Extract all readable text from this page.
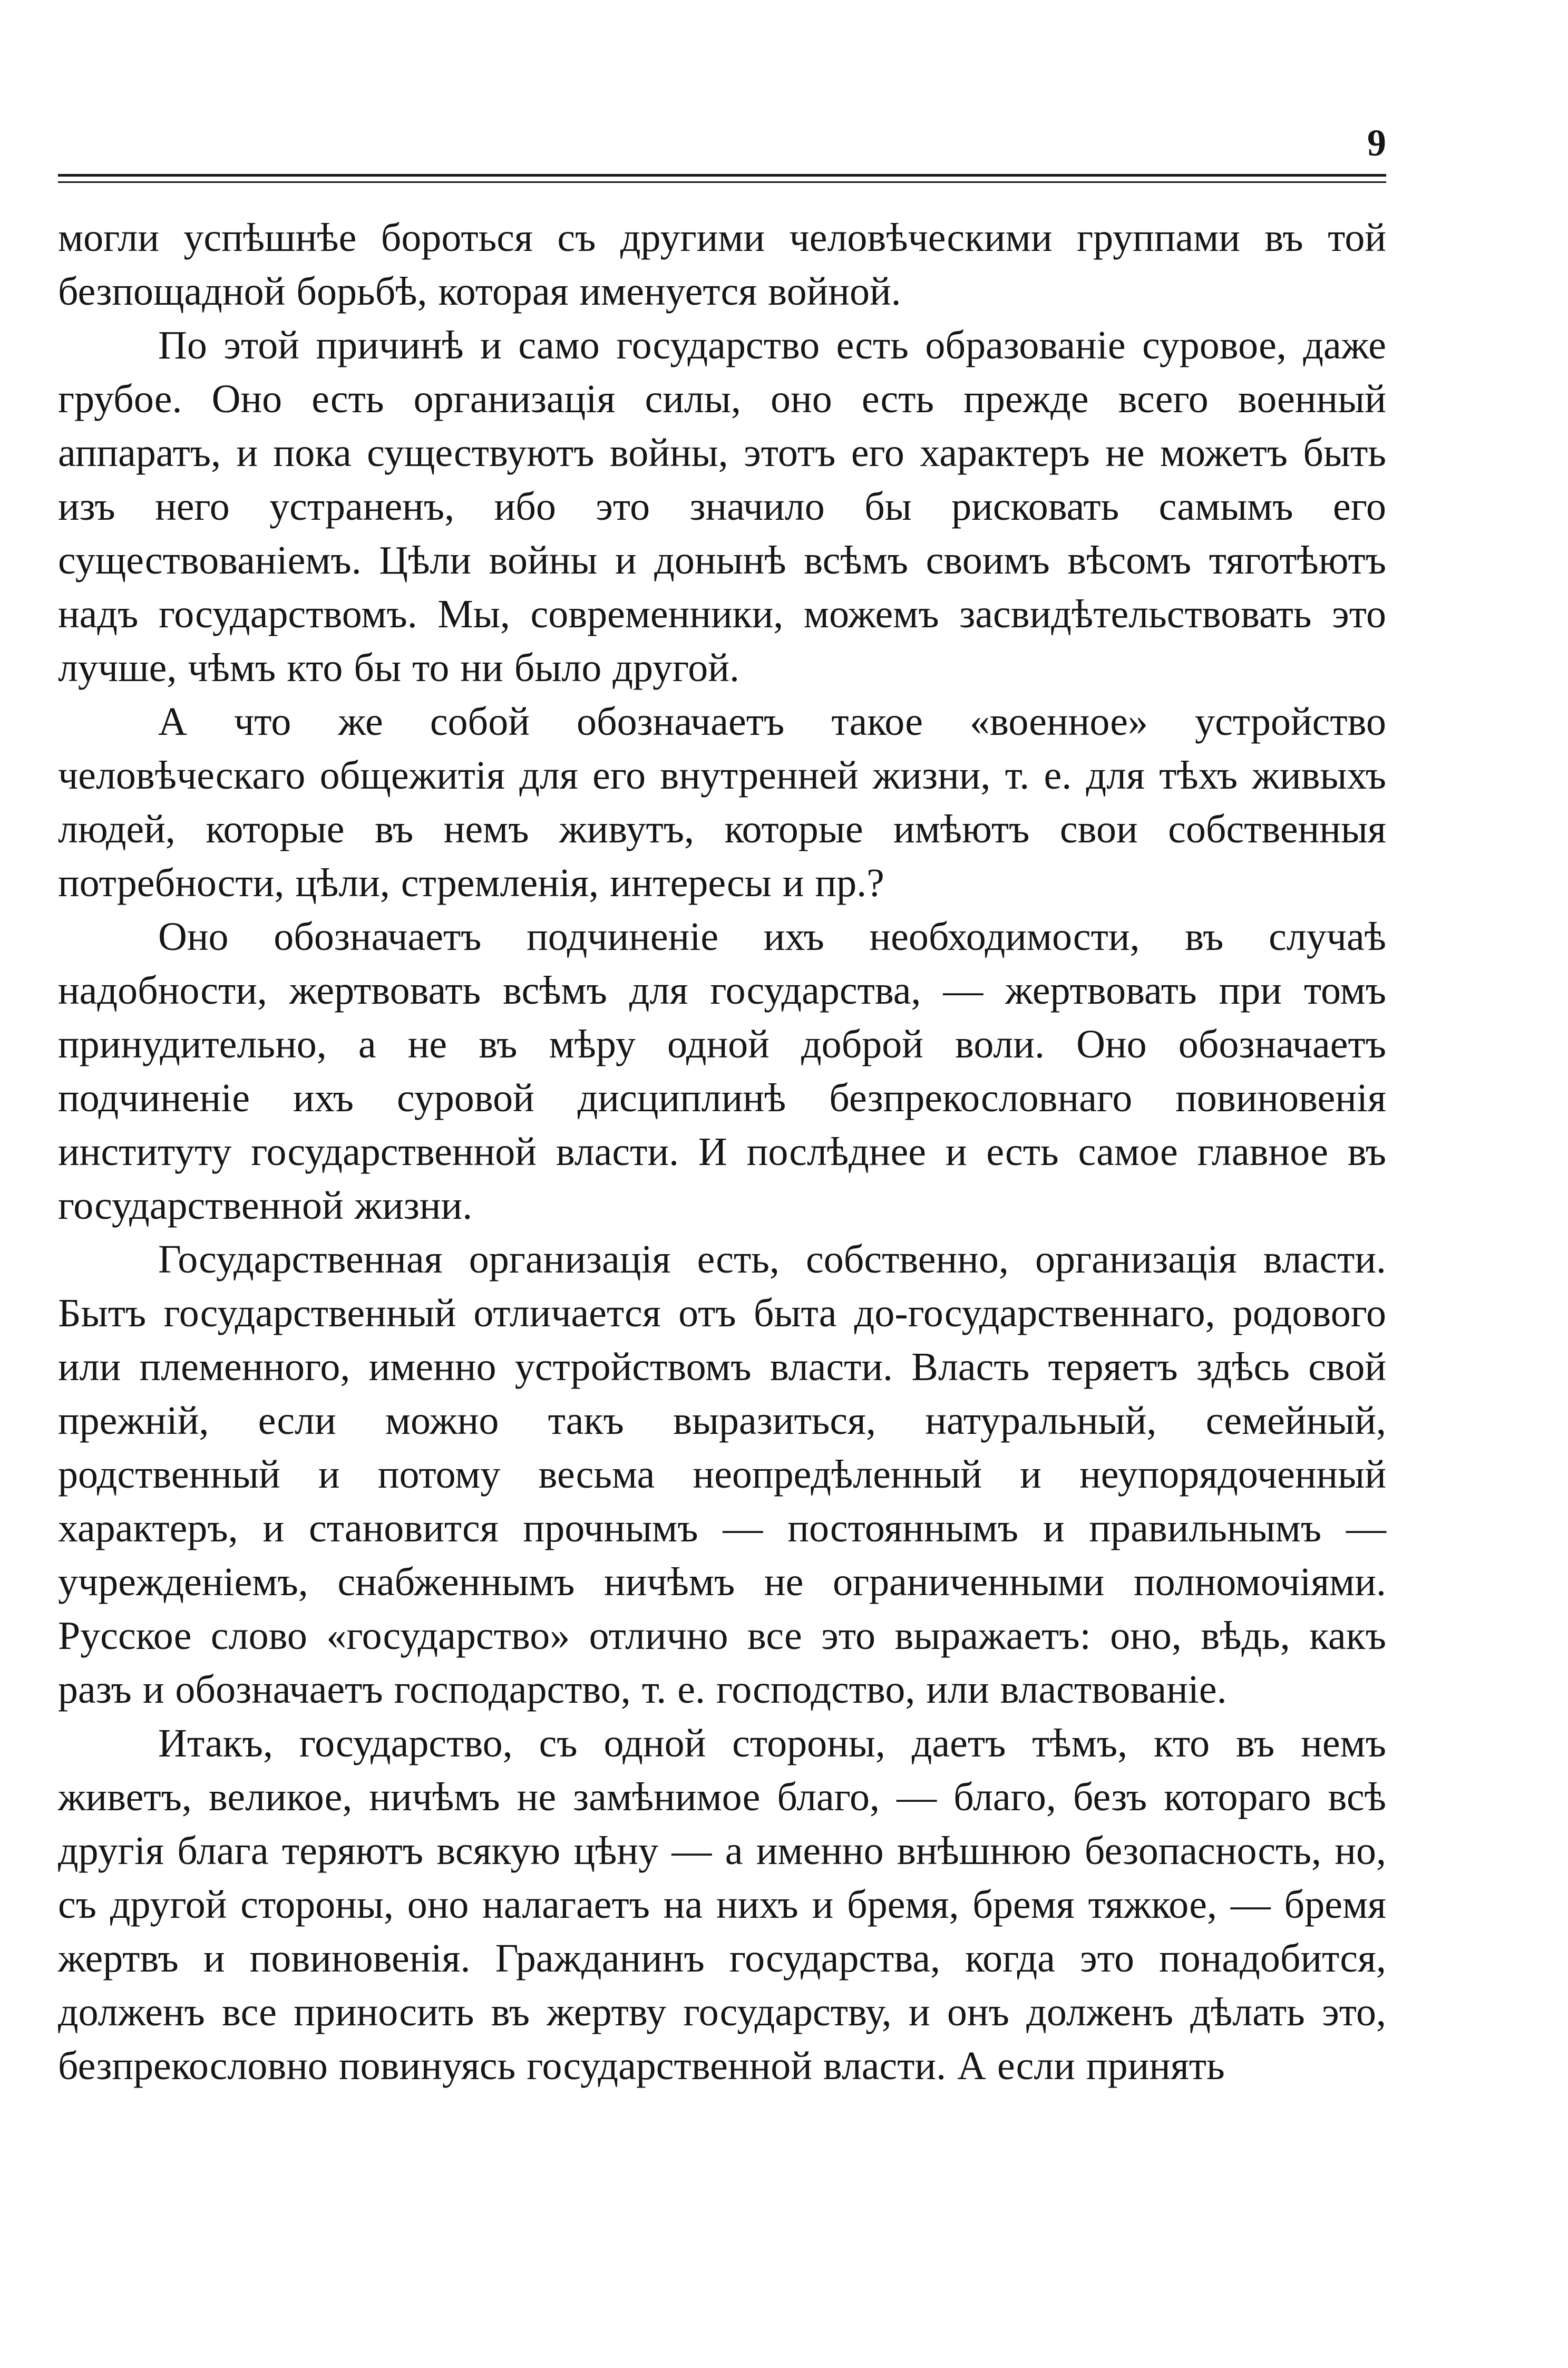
9

могли успѣшнѣе бороться съ другими человѣческими группами въ той безпощадной борьбѣ, которая именуется войной.

По этой причинѣ и само государство есть образованіе суровое, даже грубое. Оно есть организація силы, оно есть прежде всего военный аппаратъ, и пока существуютъ войны, этотъ его характеръ не можетъ быть изъ него устраненъ, ибо это значило бы рисковать самымъ его существованіемъ. Цѣли войны и донынѣ всѣмъ своимъ вѣсомъ тяготѣютъ надъ государствомъ. Мы, современники, можемъ засвидѣтельствовать это лучше, чѣмъ кто бы то ни было другой.

А что же собой обозначаетъ такое «военное» устройство человѣческаго общежитія для его внутренней жизни, т. е. для тѣхъ живыхъ людей, которые въ немъ живутъ, которые имѣютъ свои собственныя потребности, цѣли, стремленія, интересы и пр.?

Оно обозначаетъ подчиненіе ихъ необходимости, въ случаѣ надобности, жертвовать всѣмъ для государства, — жертвовать при томъ принудительно, а не въ мѣру одной доброй воли. Оно обозначаетъ подчиненіе ихъ суровой дисциплинѣ безпрекословнаго повиновенія институту государственной власти. И послѣднее и есть самое главное въ государственной жизни.

Государственная организація есть, собственно, организація власти. Бытъ государственный отличается отъ быта до-государственнаго, родового или племенного, именно устройствомъ власти. Власть теряетъ здѣсь свой прежній, если можно такъ выразиться, натуральный, семейный, родственный и потому весьма неопредѣленный и неупорядоченный характеръ, и становится прочнымъ — постояннымъ и правильнымъ — учрежденіемъ, снабженнымъ ничѣмъ не ограниченными полномочіями. Русское слово «государство» отлично все это выражаетъ: оно, вѣдь, какъ разъ и обозначаетъ господарство, т. е. господство, или властвованіе.

Итакъ, государство, съ одной стороны, даетъ тѣмъ, кто въ немъ живетъ, великое, ничѣмъ не замѣнимое благо, — благо, безъ котораго всѣ другія блага теряютъ всякую цѣну — а именно внѣшнюю безопасность, но, съ другой стороны, оно налагаетъ на нихъ и бремя, бремя тяжкое, — бремя жертвъ и повиновенія. Гражданинъ государства, когда это понадобится, долженъ все приносить въ жертву государству, и онъ долженъ дѣлать это, безпрекословно повинуясь государственной власти. А если принять
